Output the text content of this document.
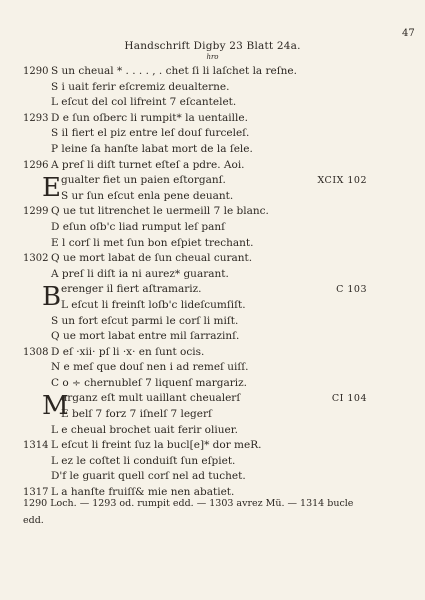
47
Handschrift Digby 23 Blatt 24a.
hro
1290 S un cheual * . . . . , . chet ſi li laſchet la reſne.
S i uait ferir eſcremiz deualterne.
L eſcut del col lifreint 7 eſcantelet.
1293 D e ſun oſberc li rumpit* la uentaille.
S il fiert el piz entre leſ douſ furceleſ.
P leine ſa hanſte labat mort de la ſele.
1296 A preſ li diſt turnet eſteſ a pdre. Aoi.
E gualter fiet un paien eſtorganſ.	XCIX 102
S ur ſun eſcut enla pene deuant.
1299 Q ue tut litrenchet le uermeill 7 le blanc.
D eſun oſb'c liad rumput leſ panſ
E l corſ li met ſun bon eſpiet trechant.
1302 Q ue mort labat de ſun cheual curant.
A preſ li diſt ia ni aurez* guarant.
B erenger il fiert aſtramariz.	C 103
L eſcut li freinſt loſb'c lideſcumſiſt.
S un fort eſcut parmi le corſ li miſt.
Q ue mort labat entre mil ſarrazinſ.
1308 D eſ ·xii· pſ li ·x· en ſunt ocis.
N e meſ que douſ nen i ad remeſ uiſſ.
C o ÷ chernubleſ 7 liquenſ margariz.
M
arganz eſt mult uaillant cheualerſ	CI 104
E belſ 7 forz 7 iſnelſ 7 legerſ
L e cheual brochet uait ferir oliuer.
1314 L eſcut li freint ſuz la bucl[e]* dor meR.
L ez le coſtet li conduiſt ſun eſpiet.
D'f le guarit quell corſ nel ad tuchet.
1317 L a hanſte fruiſſ& mie nen abatiet.
1290 Loch. — 1293 od. rumpit edd. — 1303 avrez Mü. — 1314 bucle edd.
